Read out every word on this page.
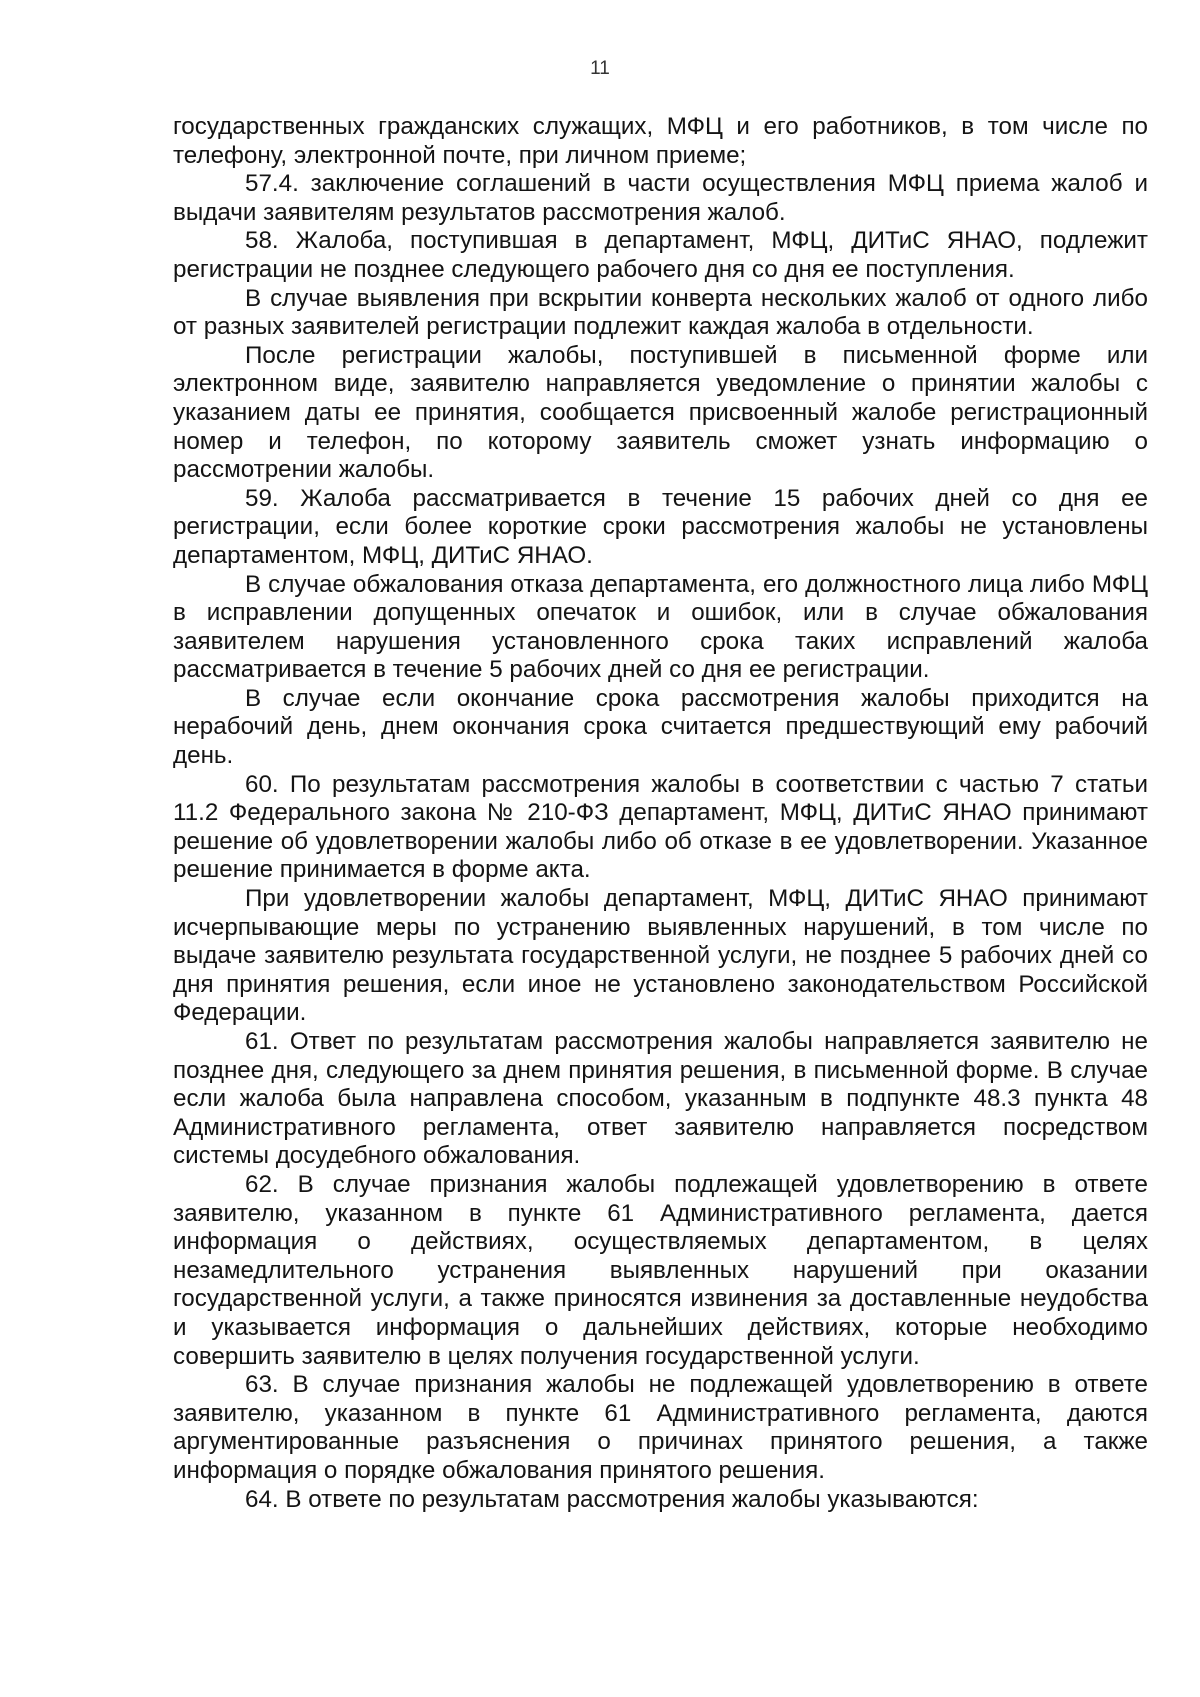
11

государственных гражданских служащих, МФЦ и его работников, в том числе по телефону, электронной почте, при личном приеме;

57.4. заключение соглашений в части осуществления МФЦ приема жалоб и выдачи заявителям результатов рассмотрения жалоб.

58. Жалоба, поступившая в департамент, МФЦ, ДИТиС ЯНАО, подлежит регистрации не позднее следующего рабочего дня со дня ее поступления.

В случае выявления при вскрытии конверта нескольких жалоб от одного либо от разных заявителей регистрации подлежит каждая жалоба в отдельности.

После регистрации жалобы, поступившей в письменной форме или электронном виде, заявителю направляется уведомление о принятии жалобы с указанием даты ее принятия, сообщается присвоенный жалобе регистрационный номер и телефон, по которому заявитель сможет узнать информацию о рассмотрении жалобы.

59. Жалоба рассматривается в течение 15 рабочих дней со дня ее регистрации, если более короткие сроки рассмотрения жалобы не установлены департаментом, МФЦ, ДИТиС ЯНАО.

В случае обжалования отказа департамента, его должностного лица либо МФЦ в исправлении допущенных опечаток и ошибок, или в случае обжалования заявителем нарушения установленного срока таких исправлений жалоба рассматривается в течение 5 рабочих дней со дня ее регистрации.

В случае если окончание срока рассмотрения жалобы приходится на нерабочий день, днем окончания срока считается предшествующий ему рабочий день.

60. По результатам рассмотрения жалобы в соответствии с частью 7 статьи 11.2 Федерального закона № 210-ФЗ департамент, МФЦ, ДИТиС ЯНАО принимают решение об удовлетворении жалобы либо об отказе в ее удовлетворении. Указанное решение принимается в форме акта.

При удовлетворении жалобы департамент, МФЦ, ДИТиС ЯНАО принимают исчерпывающие меры по устранению выявленных нарушений, в том числе по выдаче заявителю результата государственной услуги, не позднее 5 рабочих дней со дня принятия решения, если иное не установлено законодательством Российской Федерации.

61. Ответ по результатам рассмотрения жалобы направляется заявителю не позднее дня, следующего за днем принятия решения, в письменной форме. В случае если жалоба была направлена способом, указанным в подпункте 48.3 пункта 48 Административного регламента, ответ заявителю направляется посредством системы досудебного обжалования.

62. В случае признания жалобы подлежащей удовлетворению в ответе заявителю, указанном в пункте 61 Административного регламента, дается информация о действиях, осуществляемых департаментом, в целях незамедлительного устранения выявленных нарушений при оказании государственной услуги, а также приносятся извинения за доставленные неудобства и указывается информация о дальнейших действиях, которые необходимо совершить заявителю в целях получения государственной услуги.

63. В случае признания жалобы не подлежащей удовлетворению в ответе заявителю, указанном в пункте 61 Административного регламента, даются аргументированные разъяснения о причинах принятого решения, а также информация о порядке обжалования принятого решения.

64. В ответе по результатам рассмотрения жалобы указываются:
